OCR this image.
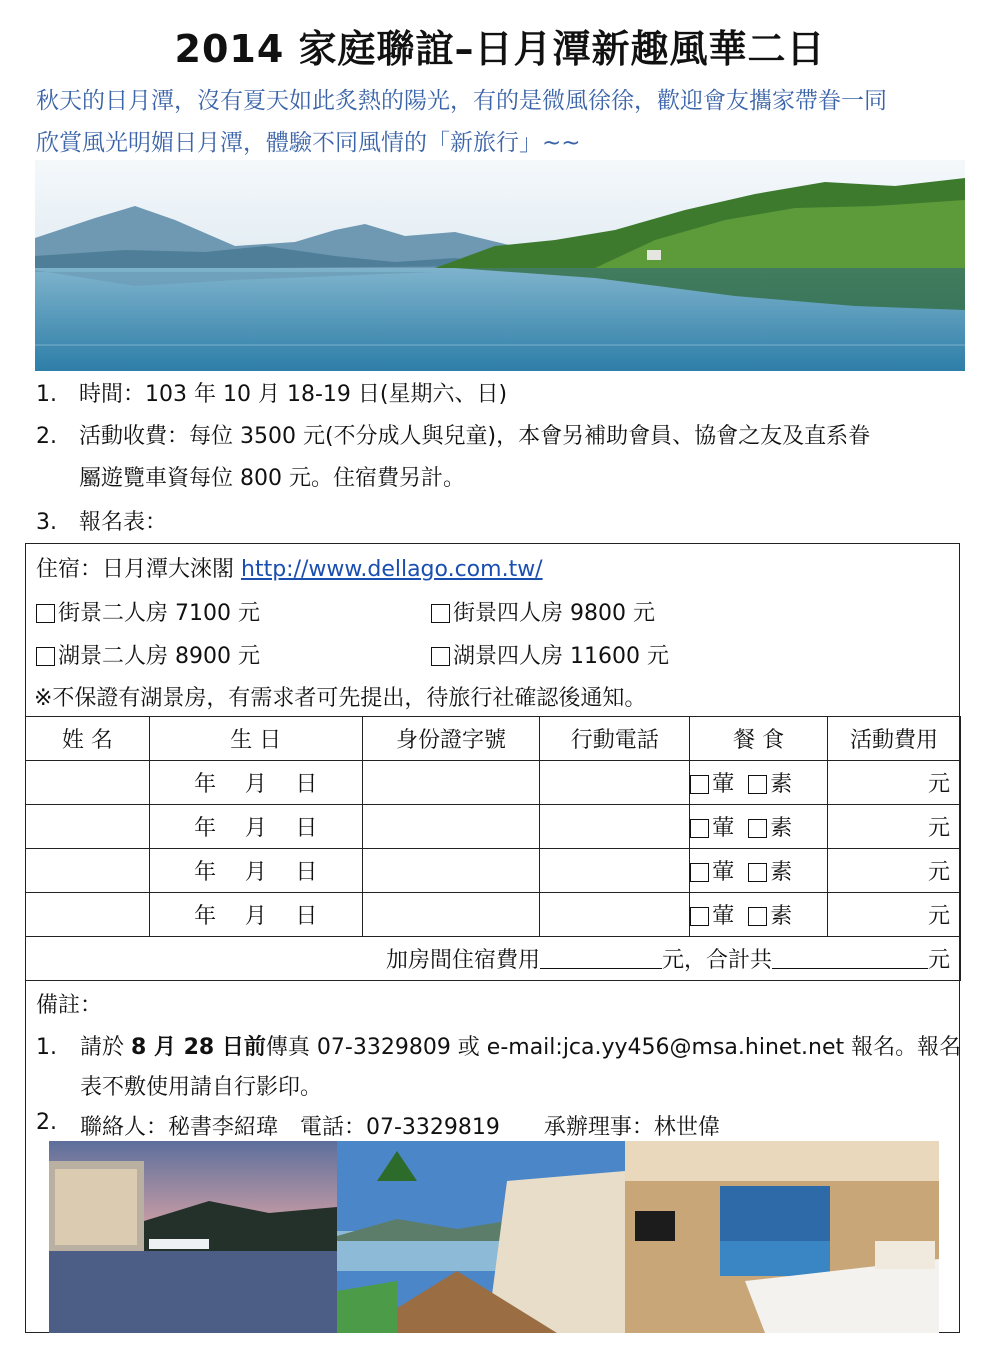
2014 家庭聯誼–日月潭新趣風華二日
秋天的日月潭，沒有夏天如此炙熱的陽光，有的是微風徐徐，歡迎會友攜家帶眷一同
欣賞風光明媚日月潭，體驗不同風情的「新旅行」~~
1.	時間：103 年 10 月 18-19 日(星期六、日)
2.	活動收費：每位 3500 元(不分成人與兒童)，本會另補助會員、協會之友及直系眷
屬遊覽車資每位 800 元。住宿費另計。
3.	報名表：
住宿：日月潭大淶閣 http://www.dellago.com.tw/
街景二人房 7100 元	街景四人房 9800 元
湖景二人房 8900 元	湖景四人房 11600 元
※不保證有湖景房，有需求者可先提出，待旅行社確認後通知。
姓 名	生 日	身份證字號	行動電話	餐 食	活動費用

	年 月 日			葷 素	元

	年 月 日			葷 素	元

	年 月 日			葷 素	元

	年 月 日			葷 素	元
加房間住宿費用 元，合計共 元					
備註：
1.	請於 8 月 28 日前傳真 07-3329809 或 e-mail:jca.yy456@msa.hinet.net 報名。報名
表不敷使用請自行影印。
2.	聯絡人：秘書李紹瑋　電話：07-3329819　　承辦理事：林世偉
